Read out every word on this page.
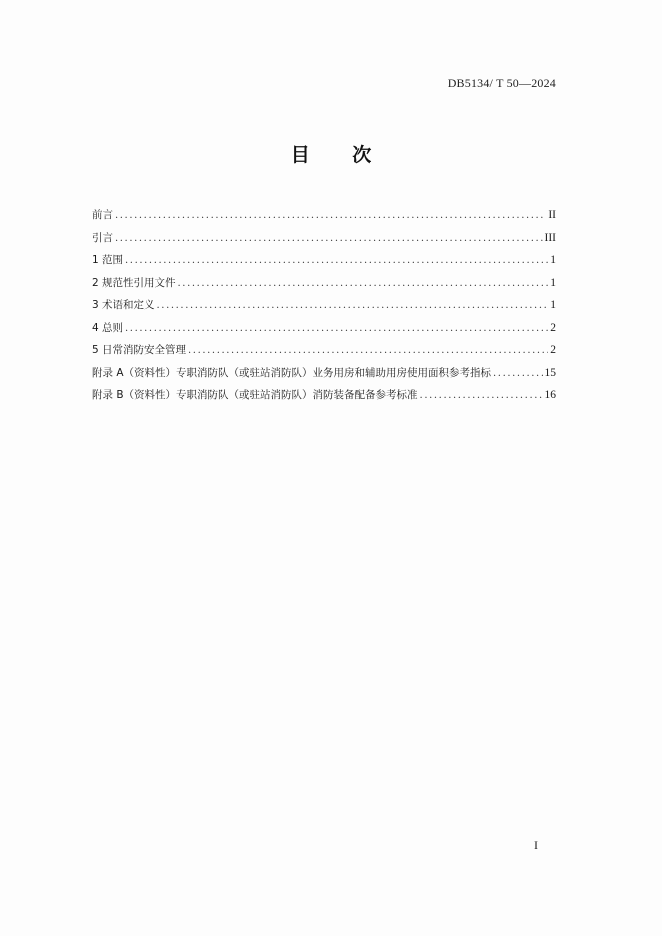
DB5134/ T 50—2024
目 次
前言 .....	II
引言 .....	III
1 范围 .....	1
2 规范性引用文件 .....	1
3 术语和定义 .....	1
4 总则 .....	2
5 日常消防安全管理 .....	2
附录 A（资料性）专职消防队（或驻站消防队）业务用房和辅助用房使用面积参考指标 .....	15
附录 B（资料性）专职消防队（或驻站消防队）消防装备配备参考标准 .....	16
I
